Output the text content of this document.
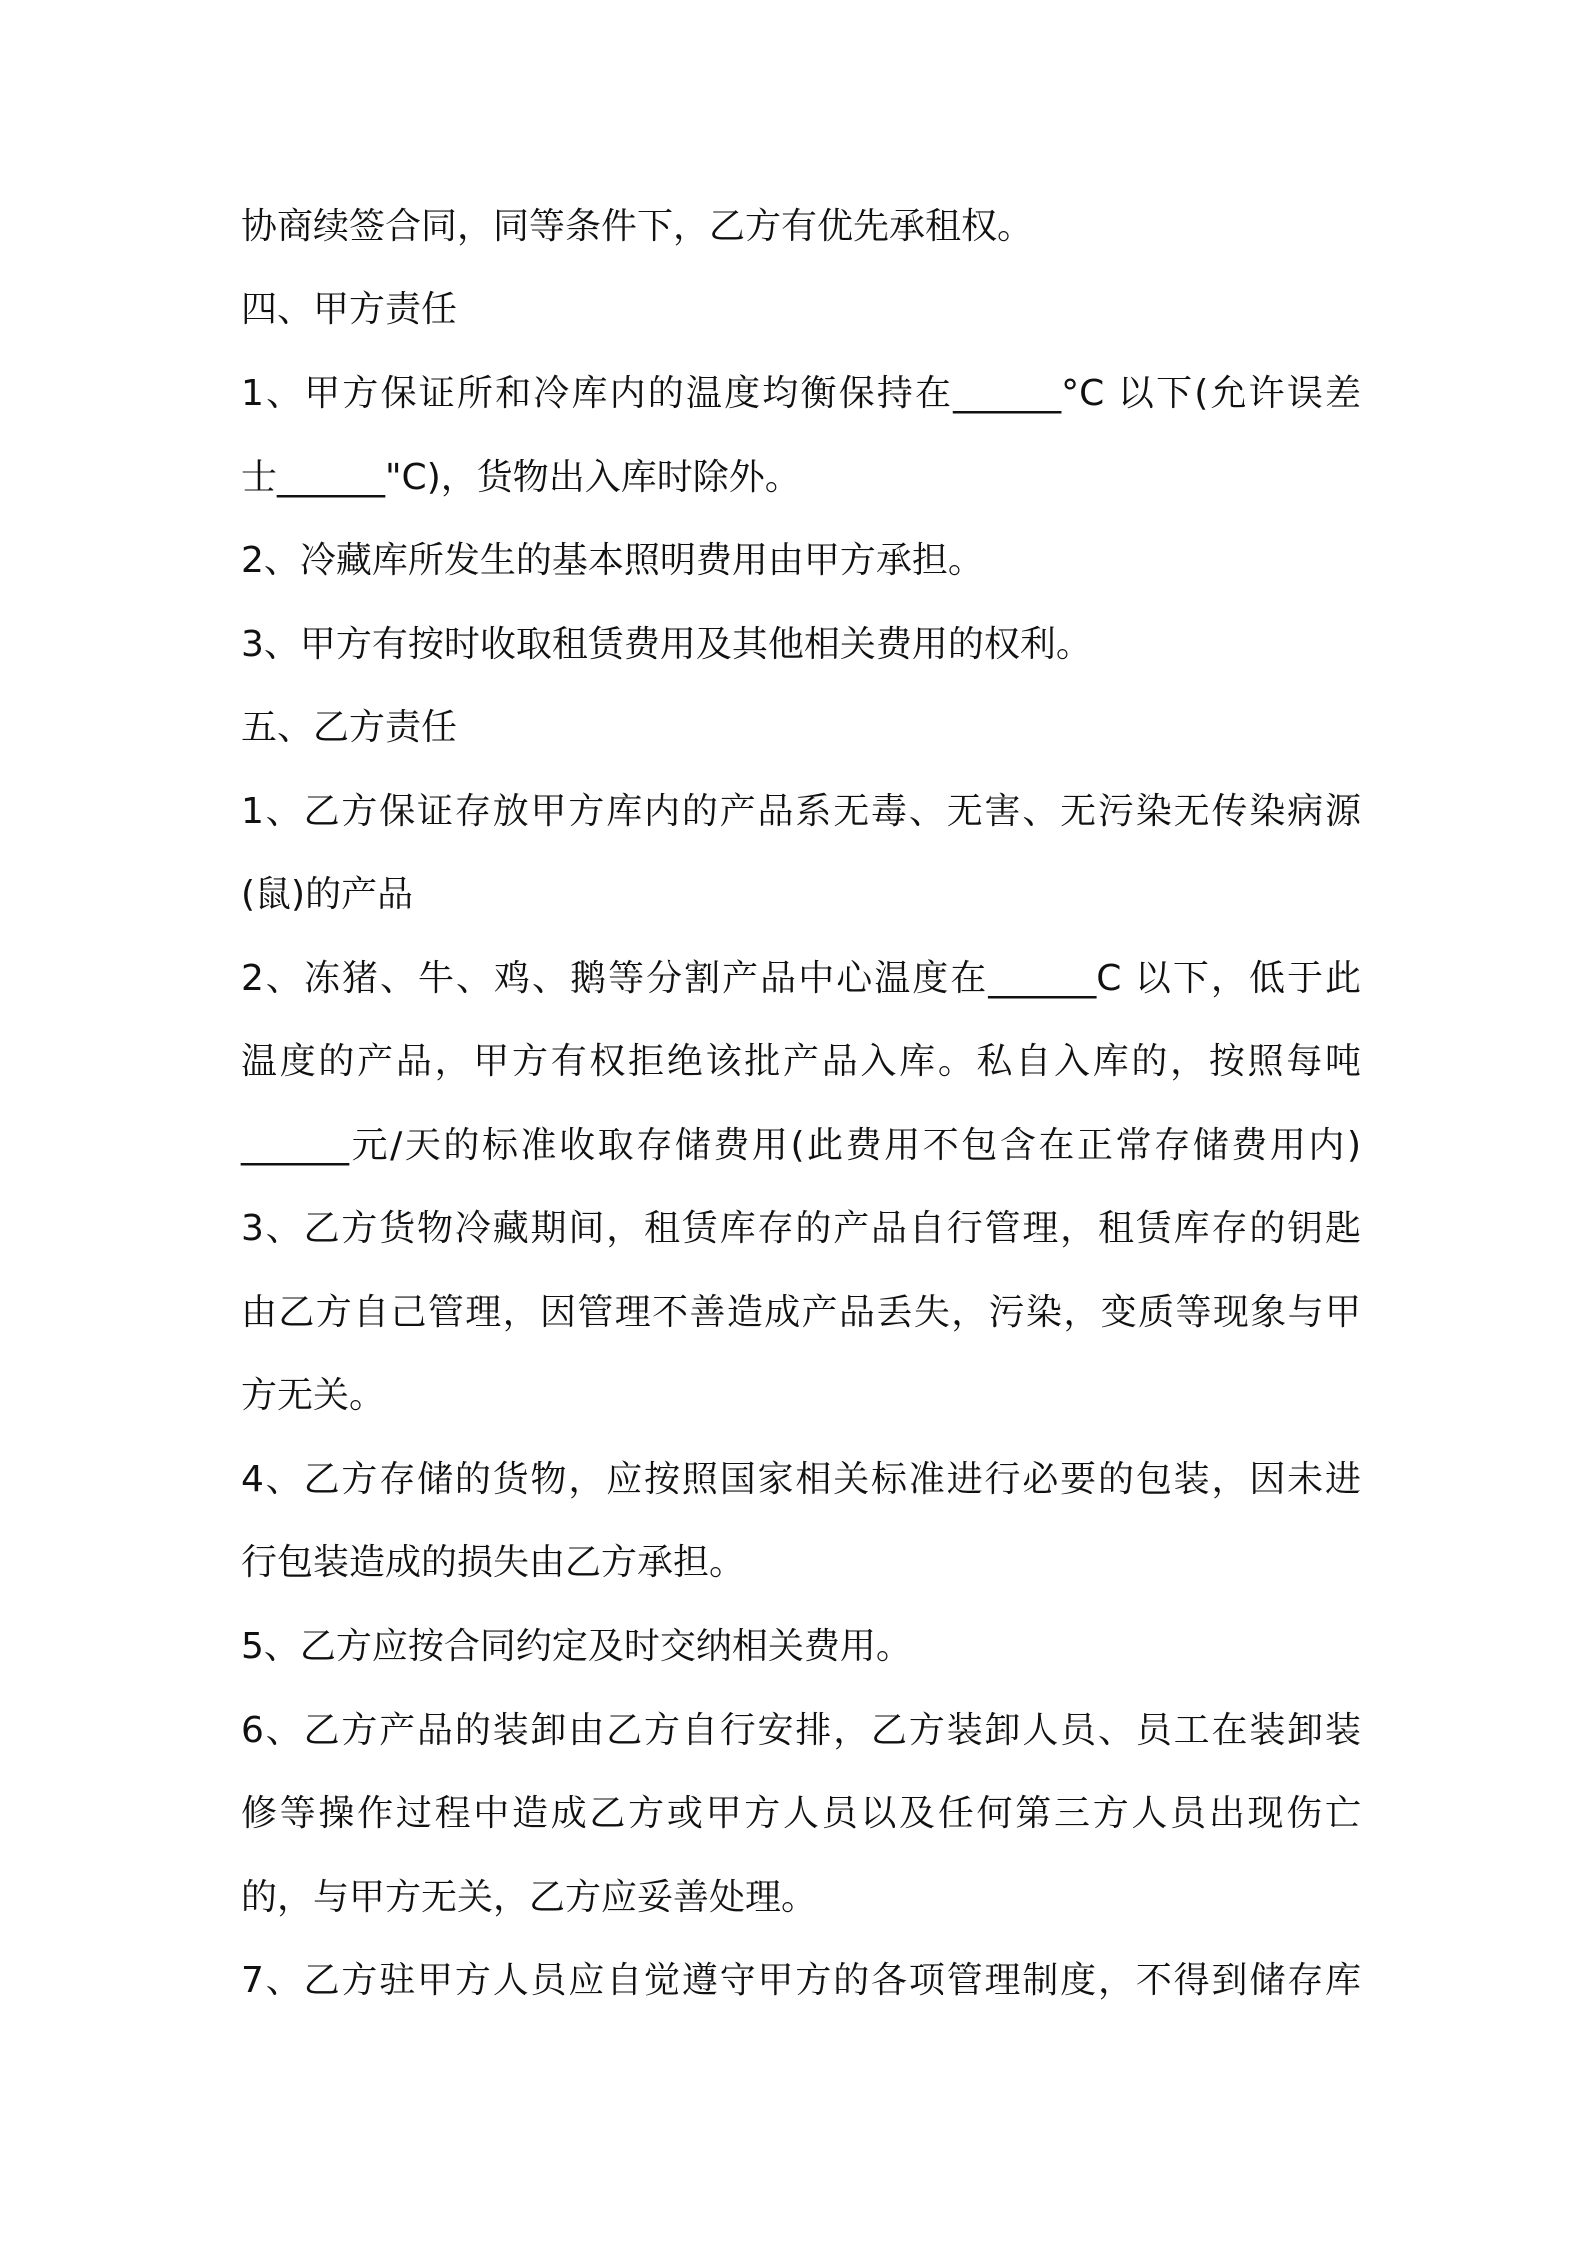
协商续签合同，同等条件下，乙方有优先承租权。
四、甲方责任
1、甲方保证所和冷库内的温度均衡保持在______°C 以下(允许误差
士______"C)，货物出入库时除外。
2、冷藏库所发生的基本照明费用由甲方承担。
3、甲方有按时收取租赁费用及其他相关费用的权利。
五、乙方责任
1、乙方保证存放甲方库内的产品系无毒、无害、无污染无传染病源
(鼠)的产品
2、冻猪、牛、鸡、鹅等分割产品中心温度在______C 以下，低于此
温度的产品，甲方有权拒绝该批产品入库。私自入库的，按照每吨
______元/天的标准收取存储费用(此费用不包含在正常存储费用内)
3、乙方货物冷藏期间，租赁库存的产品自行管理，租赁库存的钥匙
由乙方自己管理，因管理不善造成产品丢失，污染，变质等现象与甲
方无关。
4、乙方存储的货物，应按照国家相关标准进行必要的包装，因未进
行包装造成的损失由乙方承担。
5、乙方应按合同约定及时交纳相关费用。
6、乙方产品的装卸由乙方自行安排，乙方装卸人员、员工在装卸装
修等操作过程中造成乙方或甲方人员以及任何第三方人员出现伤亡
的，与甲方无关，乙方应妥善处理。
7、乙方驻甲方人员应自觉遵守甲方的各项管理制度，不得到储存库
